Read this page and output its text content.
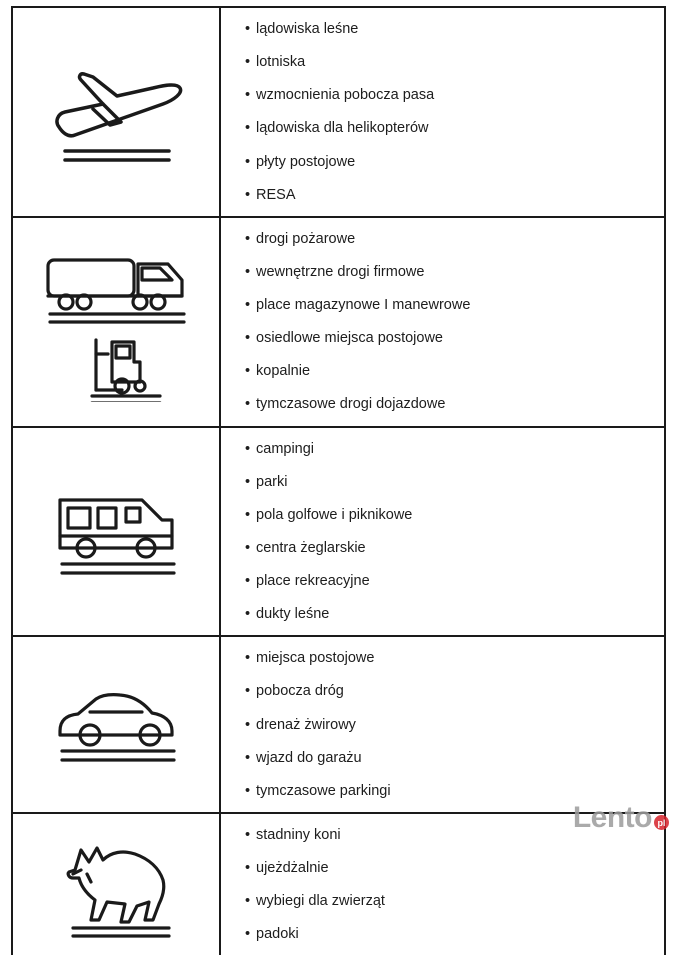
• lądowiska leśne
• lotniska
• wzmocnienia pobocza pasa
• lądowiska dla helikopterów
• płyty postojowe
• RESA
• drogi pożarowe
• wewnętrzne drogi firmowe
• place magazynowe I manewrowe
• osiedlowe miejsca postojowe
• kopalnie
• tymczasowe drogi dojazdowe
• campingi
• parki
• pola golfowe i piknikowe
• centra żeglarskie
• place rekreacyjne
• dukty leśne
• miejsca postojowe
• pobocza dróg
• drenaż żwirowy
• wjazd do garażu
• tymczasowe parkingi
• stadniny koni
• ujeżdżalnie
• wybiegi dla zwierząt
• padoki
Lento pl
